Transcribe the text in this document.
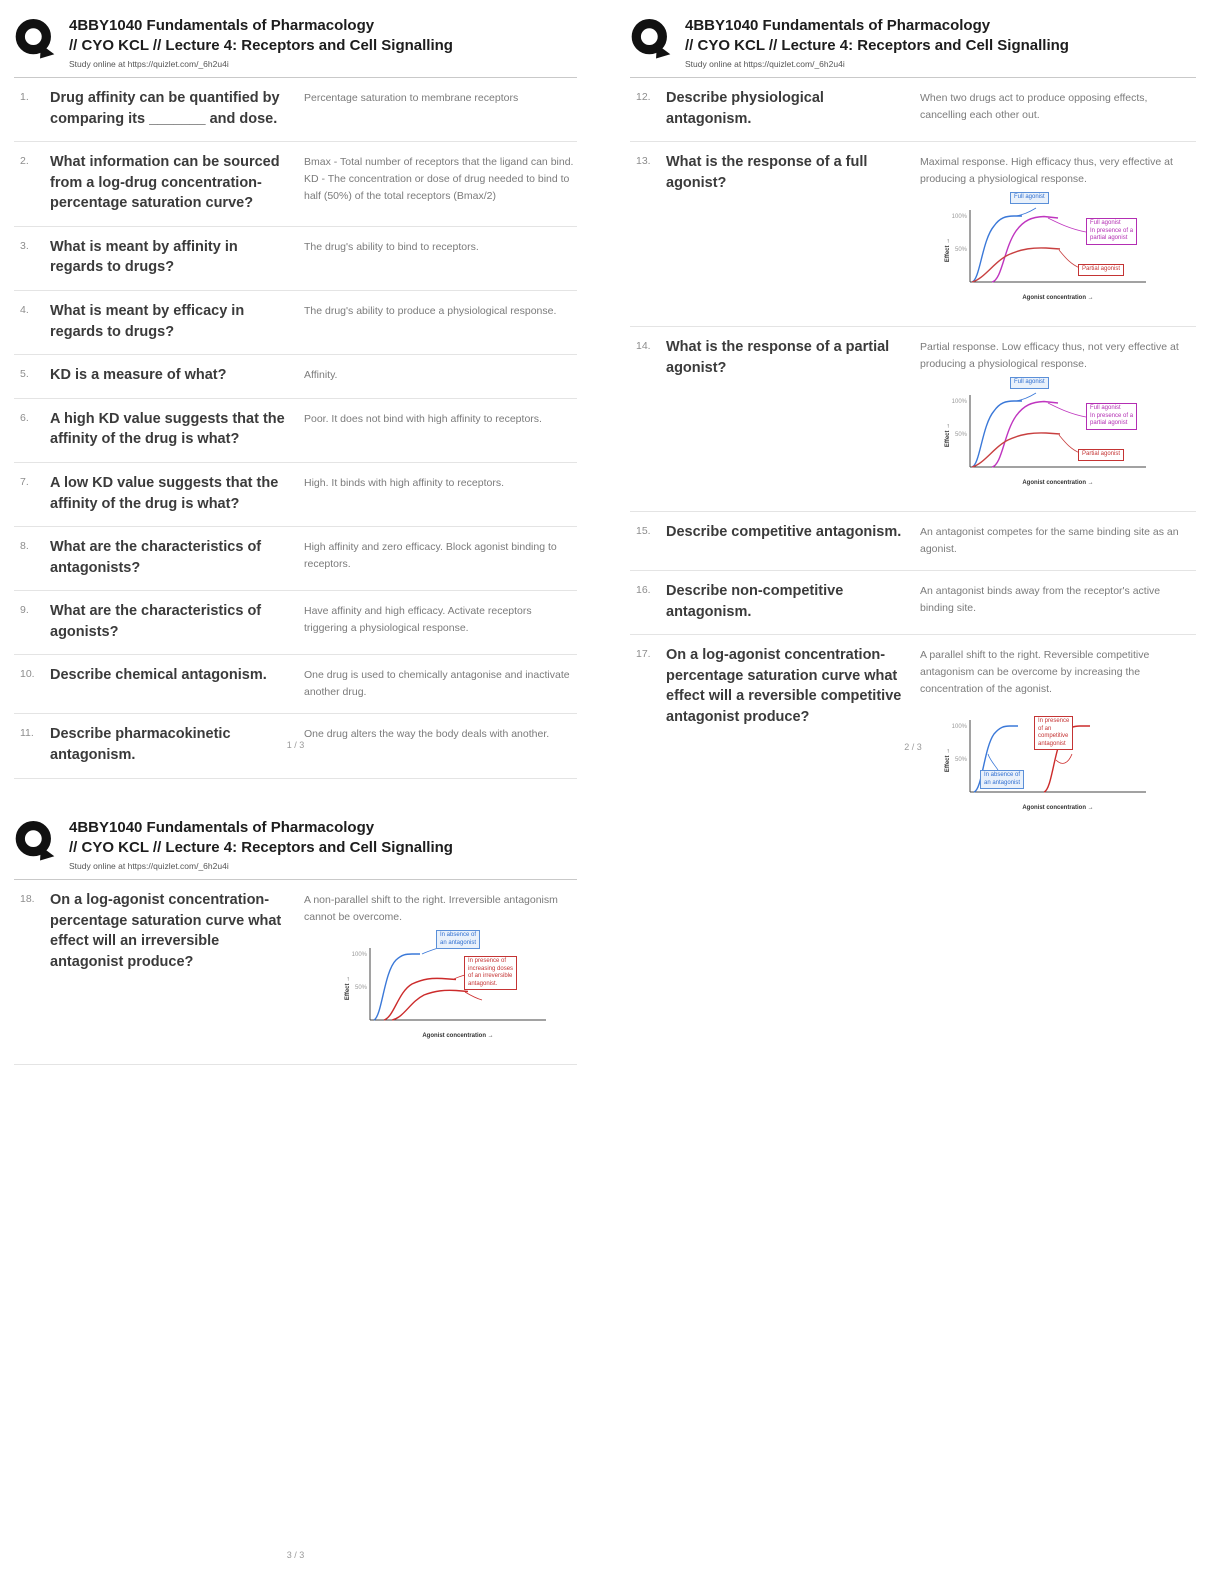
4BBY1040 Fundamentals of Pharmacology
// CYO KCL // Lecture 4: Receptors and Cell Signalling
Study online at https://quizlet.com/_6h2u4i
1.	Drug affinity can be quantified by comparing its _______ and dose.
Percentage saturation to membrane receptors
2.	What information can be sourced from a log-drug concentration-percentage saturation curve?
Bmax - Total number of receptors that the ligand can bind. KD - The concentration or dose of drug needed to bind to half (50%) of the total receptors (Bmax/2)
3.	What is meant by affinity in regards to drugs?
The drug's ability to bind to receptors.
4.	What is meant by efficacy in regards to drugs?
The drug's ability to produce a physiological response.
5.	KD is a measure of what?	Affinity.
6.	A high KD value suggests that the affinity of the drug is what?
Poor. It does not bind with high affinity to receptors.
7.	A low KD value suggests that the affinity of the drug is what?
High. It binds with high affinity to receptors.
8.	What are the characteristics of antagonists?
High affinity and zero efficacy. Block agonist binding to receptors.
9.	What are the characteristics of agonists?
Have affinity and high efficacy. Activate receptors triggering a physiological response.
10.	Describe chemical antagonism.	One drug is used to chemically antagonise and inactivate another drug.
11.	Describe pharmacokinetic antagonism.
One drug alters the way the body deals with another.
1 / 3
4BBY1040 Fundamentals of Pharmacology
// CYO KCL // Lecture 4: Receptors and Cell Signalling
Study online at https://quizlet.com/_6h2u4i
12.	Describe physiological antagonism.
When two drugs act to produce opposing effects, cancelling each other out.
13.	What is the response of a full agonist?
Maximal response. High efficacy thus, very effective at producing a physiological response.
100%
50%
Agonist concentration →
Effect →
Full agonist
Full agonist
In presence of a
partial agonist
Partial agonist
14.	What is the response of a partial agonist?
Partial response. Low efficacy thus, not very effective at producing a physiological response.
100%
50%
Agonist concentration →
Effect →
Full agonist
Full agonist
In presence of a
partial agonist
Partial agonist
15.	Describe competitive antagonism.	An antagonist competes for the same binding site as an agonist.
16.	Describe non-competitive antagonism.
An antagonist binds away from the receptor's active binding site.
17.	On a log-agonist concentration-percentage saturation curve what effect will a reversible competitive antagonist produce?
A parallel shift to the right. Reversible competitive antagonism can be overcome by increasing the concentration of the agonist.
100%
50%
Agonist concentration →
Effect →
In absence of
an antagonist
In presence
of an
competitive
antagonist
2 / 3
4BBY1040 Fundamentals of Pharmacology
// CYO KCL // Lecture 4: Receptors and Cell Signalling
Study online at https://quizlet.com/_6h2u4i
18.	On a log-agonist concentration-percentage saturation curve what effect will an irreversible antagonist produce?
A non-parallel shift to the right. Irreversible antagonism cannot be overcome.
100%
50%
Agonist concentration →
Effect →
In absence of
an antagonist
In presence of
increasing doses
of an irreversible
antagonist.
3 / 3
